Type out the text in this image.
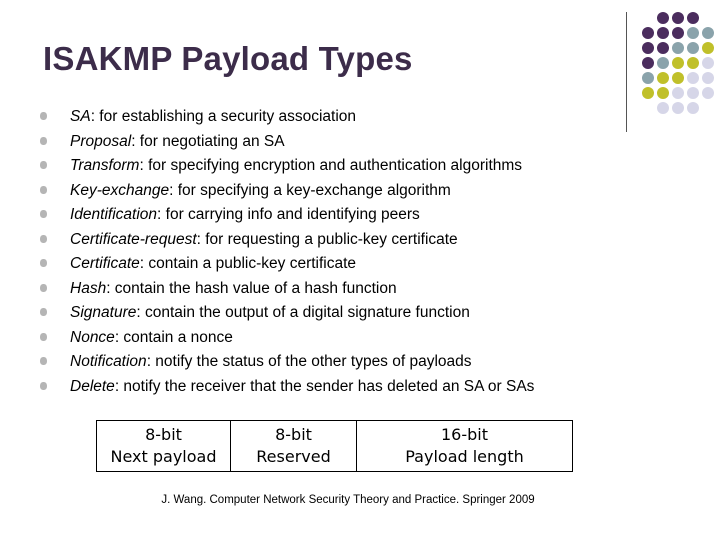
ISAKMP Payload Types
SA: for establishing a security association
Proposal: for negotiating an SA
Transform: for specifying encryption and authentication algorithms
Key-exchange: for specifying a key-exchange algorithm
Identification: for carrying info and identifying peers
Certificate-request: for requesting a public-key certificate
Certificate: contain a public-key certificate
Hash: contain the hash value of a hash function
Signature: contain the output of a digital signature function
Nonce: contain a nonce
Notification: notify the status of the other types of payloads
Delete: notify the receiver that the sender has deleted an SA or SAs
8-bit
Next payload
8-bit
Reserved
16-bit
Payload length
J. Wang. Computer Network Security Theory and Practice. Springer 2009
